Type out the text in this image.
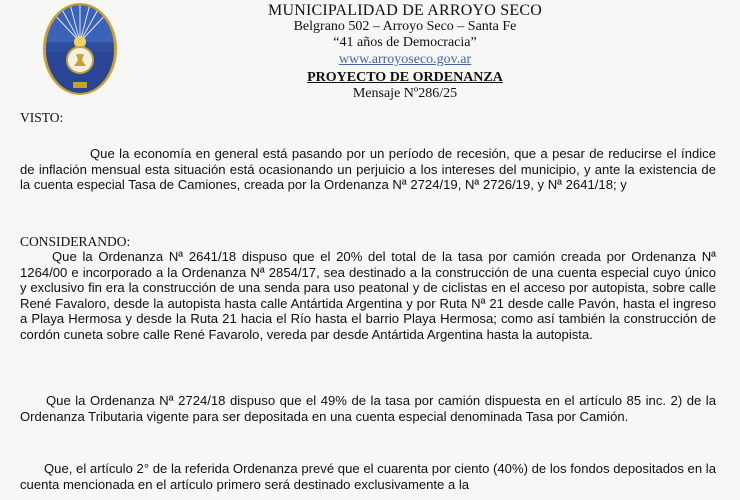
MUNICIPALIDAD DE ARROYO SECO
Belgrano 502 – Arroyo Seco – Santa Fe
“41 años de Democracia”
www.arroyoseco.gov.ar
PROYECTO DE ORDENANZA
Mensaje Nº286/25
VISTO:

Que la economía en general está pasando por un período de recesión, que a pesar de reducirse el índice de inflación mensual esta situación está ocasionando un perjuicio a los intereses del municipio, y ante la existencia de la cuenta especial Tasa de Camiones, creada por la Ordenanza Nª 2724/19, Nª 2726/19, y Nª 2641/18; y

CONSIDERANDO:

Que la Ordenanza Nª 2641/18 dispuso que el 20% del total de la tasa por camión creada por Ordenanza Nª 1264/00 e incorporado a la Ordenanza Nª 2854/17, sea destinado a la construcción de una cuenta especial cuyo único y exclusivo fin era la construcción de una senda para uso peatonal y de ciclistas en el acceso por autopista, sobre calle René Favaloro, desde la autopista hasta calle Antártida Argentina y por Ruta Nª 21 desde calle Pavón, hasta el ingreso a Playa Hermosa y desde la Ruta 21 hacia el Río hasta el barrio Playa Hermosa; como así también la construcción de cordón cuneta sobre calle René Favarolo, vereda par desde Antártida Argentina hasta la autopista.

Que la Ordenanza Nª 2724/18 dispuso que el 49% de la tasa por camión dispuesta en el artículo 85 inc. 2) de la Ordenanza Tributaria vigente para ser depositada en una cuenta especial denominada Tasa por Camión.

Que, el artículo 2° de la referida Ordenanza prevé que el cuarenta por ciento (40%) de los fondos depositados en la cuenta mencionada en el artículo primero será destinado exclusivamente a la
